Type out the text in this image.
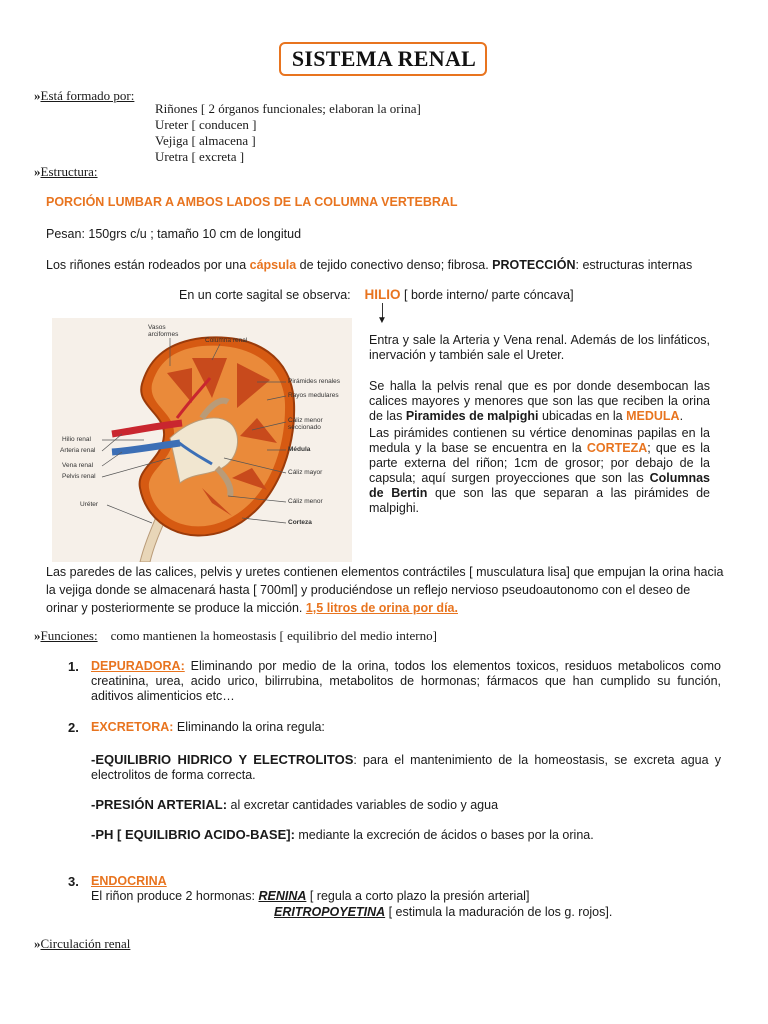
SISTEMA RENAL
»Está formado por:
Riñones [ 2 órganos funcionales; elaboran la orina]
Ureter [ conducen ]
Vejiga [ almacena ]
Uretra [ excreta ]
»Estructura:
PORCIÓN LUMBAR A AMBOS LADOS DE LA COLUMNA VERTEBRAL
Pesan: 150grs c/u ; tamaño 10 cm de longitud
Los riñones están rodeados por una cápsula de tejido conectivo denso; fibrosa. PROTECCIÓN: estructuras internas
En un corte sagital se observa: HILIO [ borde interno/ parte cóncava]
▼
Vasos
arciformes
Columna renal
Pirámides renales
Rayos medulares
Cáliz menor
seccionado
Médula
Cáliz mayor
Cáliz menor
Corteza
Hilio renal
Arteria renal
Vena renal
Pelvis renal
Uréter
Entra y sale la Arteria y Vena renal. Además de los linfáticos, inervación y también sale el Ureter.
Se halla la pelvis renal que es por donde desembocan las calices mayores y menores que son las que reciben la orina de las Piramides de malpighi ubicadas en la MEDULA.
Las pirámides contienen su vértice denominas papilas en la medula y la base se encuentra en la CORTEZA; que es la parte externa del riñon; 1cm de grosor; por debajo de la capsula; aquí surgen proyecciones que son las Columnas de Bertin que son las que separan a las pirámides de malpighi.
Las paredes de las calices, pelvis y uretes contienen elementos contráctiles [ musculatura lisa] que empujan la orina hacia la vejiga donde se almacenará hasta [ 700ml] y produciéndose un reflejo nervioso pseudoautonomo con el deseo de orinar y posteriormente se produce la micción. 1,5 litros de orina por día.
»Funciones: como mantienen la homeostasis [ equilibrio del medio interno]
1. DEPURADORA: Eliminando por medio de la orina, todos los elementos toxicos, residuos metabolicos como creatinina, urea, acido urico, bilirrubina, metabolitos de hormonas; fármacos que han cumplido su función, aditivos alimenticios etc…
2. EXCRETORA: Eliminando la orina regula:
-EQUILIBRIO HIDRICO Y ELECTROLITOS: para el mantenimiento de la homeostasis, se excreta agua y electrolitos de forma correcta.
-PRESIÓN ARTERIAL: al excretar cantidades variables de sodio y agua
-PH [ EQUILIBRIO ACIDO-BASE]: mediante la excreción de ácidos o bases por la orina.
3. ENDOCRINA
El riñon produce 2 hormonas: RENINA [ regula a corto plazo la presión arterial]
ERITROPOYETINA [ estimula la maduración de los g. rojos].
»Circulación renal
